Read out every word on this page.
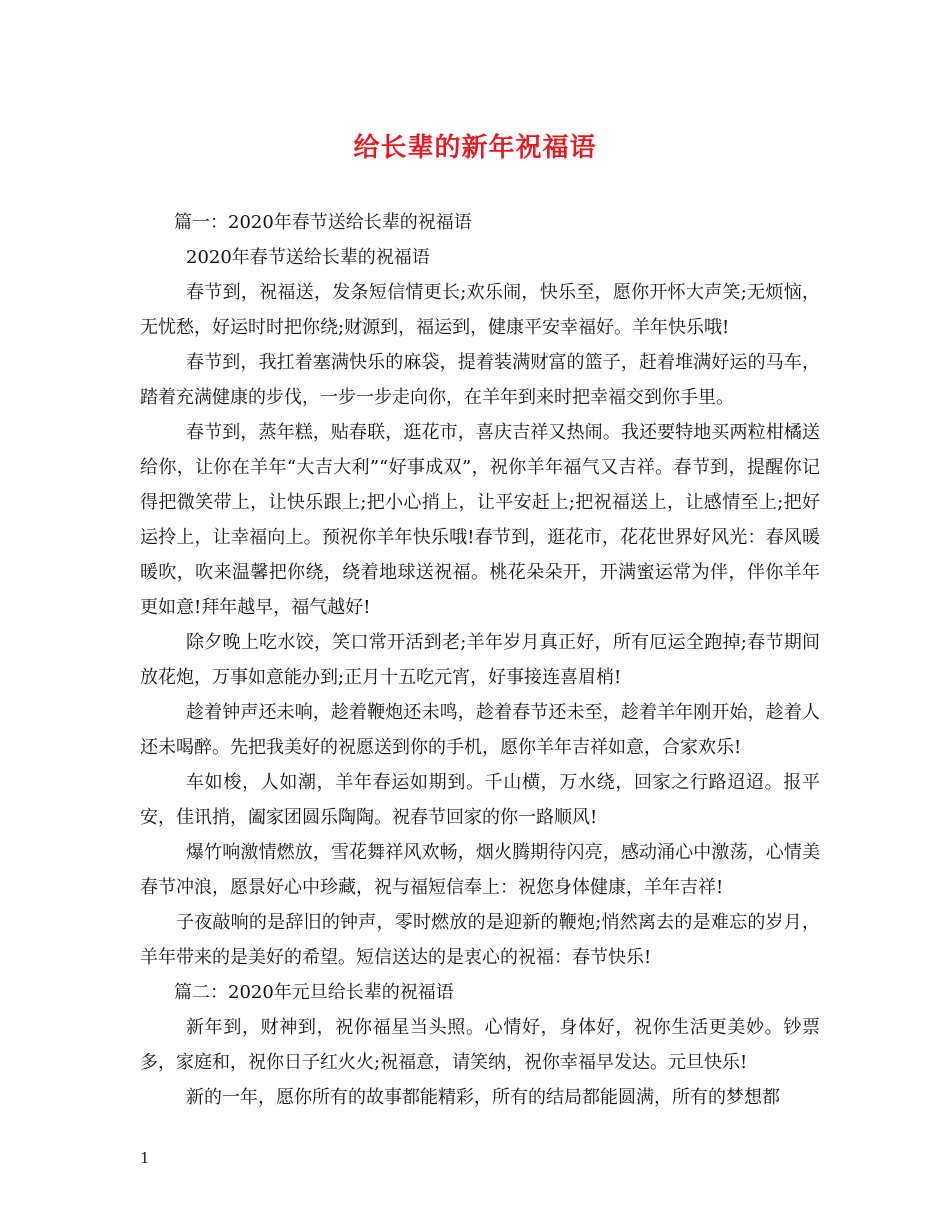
给长辈的新年祝福语

篇一：2020年春节送给长辈的祝福语

2020年春节送给长辈的祝福语

春节到，祝福送，发条短信情更长;欢乐闹，快乐至，愿你开怀大声笑;无烦恼，无忧愁，好运时时把你绕;财源到，福运到，健康平安幸福好。羊年快乐哦!

春节到，我扛着塞满快乐的麻袋，提着装满财富的篮子，赶着堆满好运的马车，踏着充满健康的步伐，一步一步走向你，在羊年到来时把幸福交到你手里。

春节到，蒸年糕，贴春联，逛花市，喜庆吉祥又热闹。我还要特地买两粒柑橘送给你，让你在羊年“大吉大利”“好事成双”，祝你羊年福气又吉祥。春节到，提醒你记得把微笑带上，让快乐跟上;把小心捎上，让平安赶上;把祝福送上，让感情至上;把好运拎上，让幸福向上。预祝你羊年快乐哦!春节到，逛花市，花花世界好风光：春风暖暖吹，吹来温馨把你绕，绕着地球送祝福。桃花朵朵开，开满蜜运常为伴，伴你羊年更如意!拜年越早，福气越好!

除夕晚上吃水饺，笑口常开活到老;羊年岁月真正好，所有厄运全跑掉;春节期间放花炮，万事如意能办到;正月十五吃元宵，好事接连喜眉梢!

趁着钟声还未响，趁着鞭炮还未鸣，趁着春节还未至，趁着羊年刚开始，趁着人还未喝醉。先把我美好的祝愿送到你的手机，愿你羊年吉祥如意，合家欢乐!

车如梭，人如潮，羊年春运如期到。千山横，万水绕，回家之行路迢迢。报平安，佳讯捎，阖家团圆乐陶陶。祝春节回家的你一路顺风!

爆竹响激情燃放，雪花舞祥风欢畅，烟火腾期待闪亮，感动涌心中激荡，心情美春节冲浪，愿景好心中珍藏，祝与福短信奉上：祝您身体健康，羊年吉祥!

子夜敲响的是辞旧的钟声，零时燃放的是迎新的鞭炮;悄然离去的是难忘的岁月，羊年带来的是美好的希望。短信送达的是衷心的祝福：春节快乐!

篇二：2020年元旦给长辈的祝福语

新年到，财神到，祝你福星当头照。心情好，身体好，祝你生活更美妙。钞票多，家庭和，祝你日子红火火;祝福意，请笑纳，祝你幸福早发达。元旦快乐!

新的一年，愿你所有的故事都能精彩，所有的结局都能圆满，所有的梦想都

1
